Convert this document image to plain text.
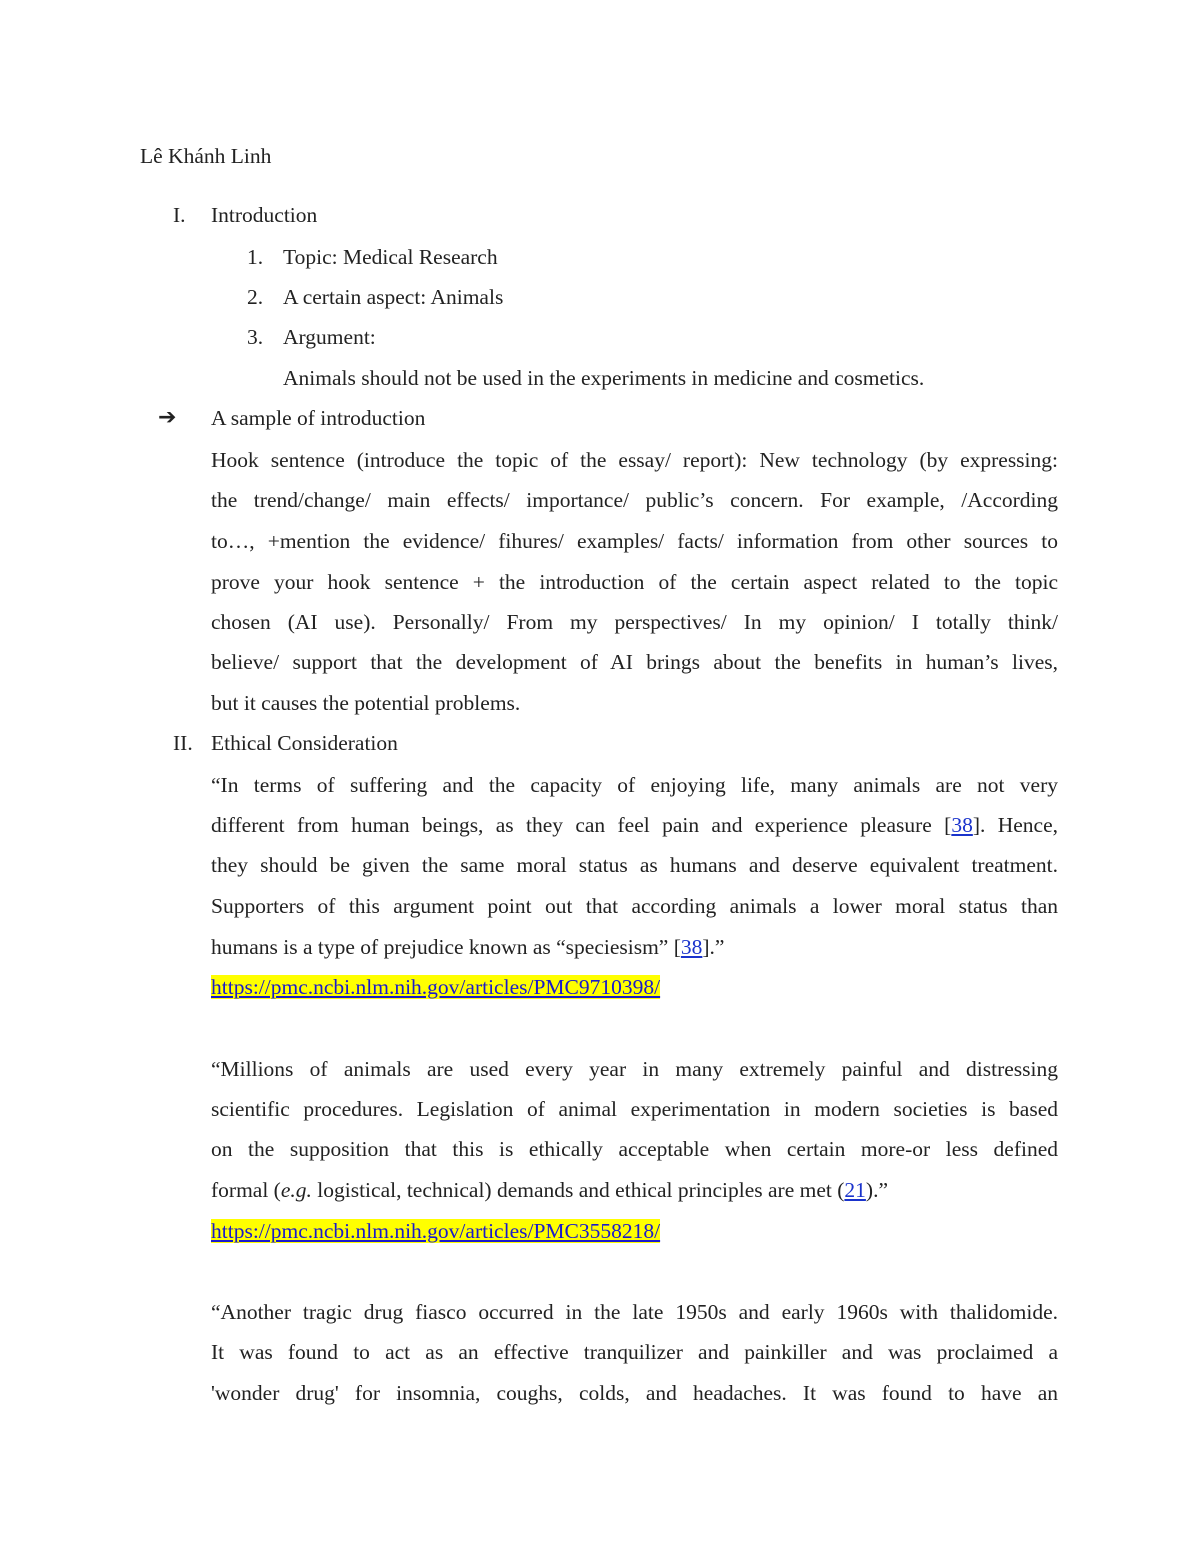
Lê Khánh Linh
I. Introduction
1. Topic: Medical Research
2. A certain aspect: Animals
3. Argument:
Animals should not be used in the experiments in medicine and cosmetics.
➔ A sample of introduction
Hook sentence (introduce the topic of the essay/ report): New technology (by expressing:
the trend/change/ main effects/ importance/ public’s concern. For example, /According
to…, +mention the evidence/ fihures/ examples/ facts/ information from other sources to
prove your hook sentence + the introduction of the certain aspect related to the topic
chosen (AI use). Personally/ From my perspectives/ In my opinion/ I totally think/
believe/ support that the development of AI brings about the benefits in human’s lives,
but it causes the potential problems.
II. Ethical Consideration
“In terms of suffering and the capacity of enjoying life, many animals are not very
different from human beings, as they can feel pain and experience pleasure [38]. Hence,
they should be given the same moral status as humans and deserve equivalent treatment.
Supporters of this argument point out that according animals a lower moral status than
humans is a type of prejudice known as “speciesism” [38].”
https://pmc.ncbi.nlm.nih.gov/articles/PMC9710398/
“Millions of animals are used every year in many extremely painful and distressing
scientific procedures. Legislation of animal experimentation in modern societies is based
on the supposition that this is ethically acceptable when certain more-or less defined
formal (e.g. logistical, technical) demands and ethical principles are met (21).”
https://pmc.ncbi.nlm.nih.gov/articles/PMC3558218/
“Another tragic drug fiasco occurred in the late 1950s and early 1960s with thalidomide.
It was found to act as an effective tranquilizer and painkiller and was proclaimed a
'wonder drug' for insomnia, coughs, colds, and headaches. It was found to have an
